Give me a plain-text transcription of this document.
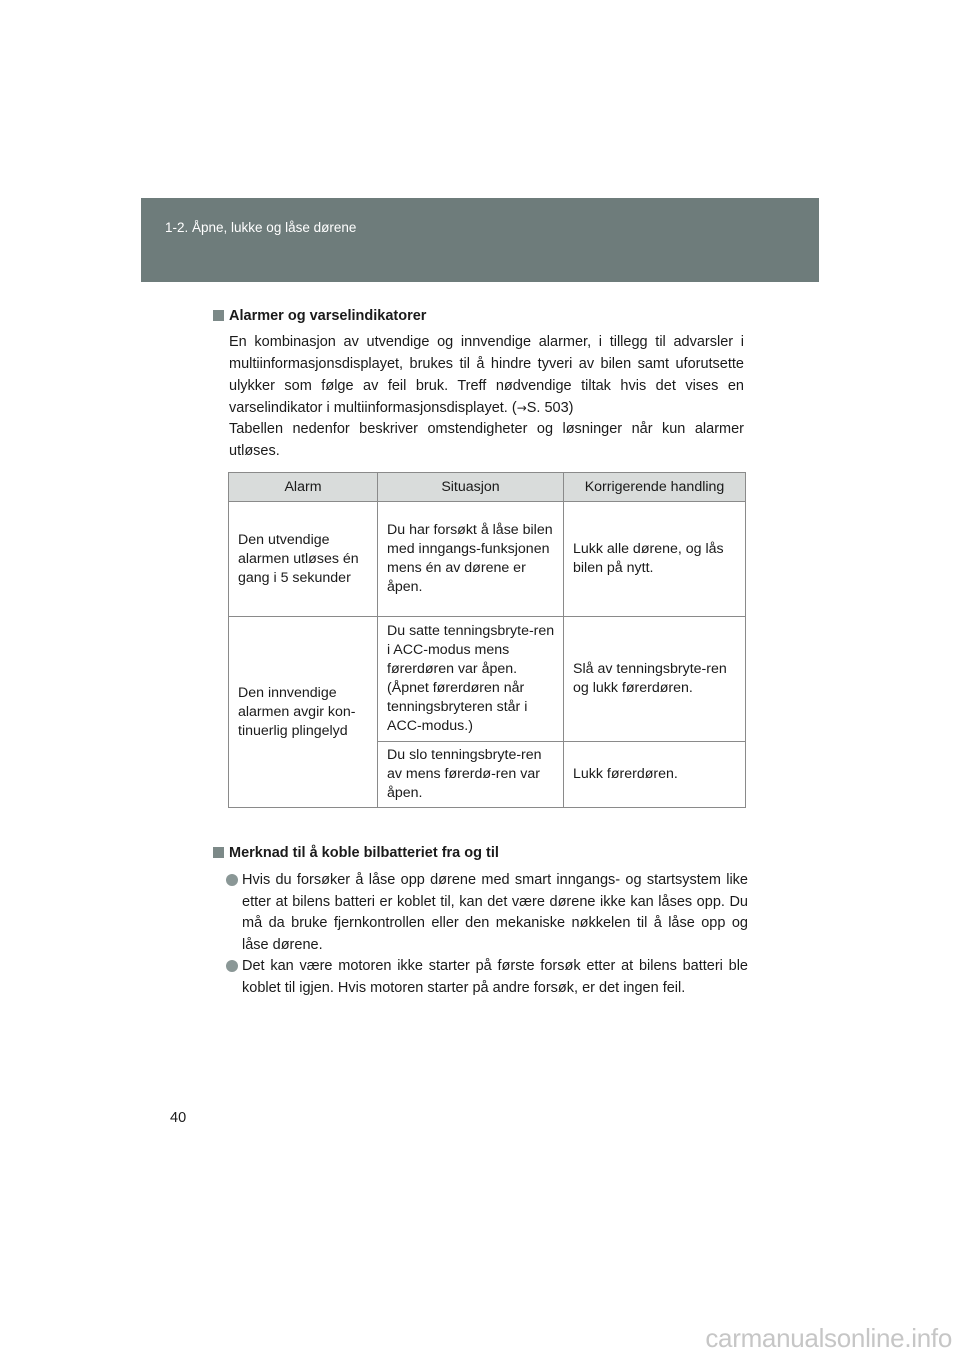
1-2. Åpne, lukke og låse dørene
Alarmer og varselindikatorer
En kombinasjon av utvendige og innvendige alarmer, i tillegg til advarsler i multiinformasjonsdisplayet, brukes til å hindre tyveri av bilen samt uforutsette ulykker som følge av feil bruk. Treff nødvendige tiltak hvis det vises en varselindikator i multiinformasjonsdisplayet. (→S. 503)
Tabellen nedenfor beskriver omstendigheter og løsninger når kun alarmer utløses.
Alarm	Situasjon	Korrigerende handling
Den utvendige alarmen utløses én gang i 5 sekunder	Du har forsøkt å låse bilen med inngangs-funksjonen mens én av dørene er åpen.	Lukk alle dørene, og lås bilen på nytt.
Den innvendige alarmen avgir kon-tinuerlig plingelyd	Du satte tenningsbryte-ren i ACC-modus mens førerdøren var åpen. (Åpnet førerdøren når tenningsbryteren står i ACC-modus.)	Slå av tenningsbryte-ren og lukk førerdøren.
	Du slo tenningsbryte-ren av mens førerdø-ren var åpen.	Lukk førerdøren.
Merknad til å koble bilbatteriet fra og til
Hvis du forsøker å låse opp dørene med smart inngangs- og startsystem like etter at bilens batteri er koblet til, kan det være dørene ikke kan låses opp. Du må da bruke fjernkontrollen eller den mekaniske nøkkelen til å låse opp og låse dørene.
Det kan være motoren ikke starter på første forsøk etter at bilens batteri ble koblet til igjen. Hvis motoren starter på andre forsøk, er det ingen feil.
40
carmanualsonline.info
